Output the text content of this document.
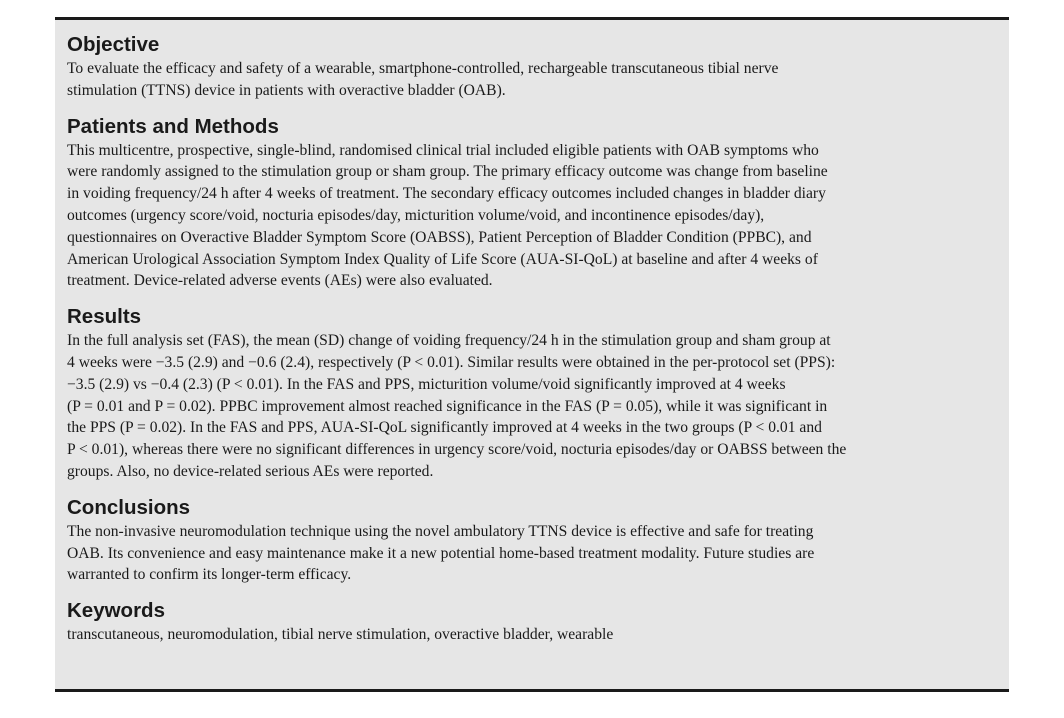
Objective
To evaluate the efficacy and safety of a wearable, smartphone-controlled, rechargeable transcutaneous tibial nerve
stimulation (TTNS) device in patients with overactive bladder (OAB).
Patients and Methods
This multicentre, prospective, single-blind, randomised clinical trial included eligible patients with OAB symptoms who
were randomly assigned to the stimulation group or sham group. The primary efficacy outcome was change from baseline
in voiding frequency/24 h after 4 weeks of treatment. The secondary efficacy outcomes included changes in bladder diary
outcomes (urgency score/void, nocturia episodes/day, micturition volume/void, and incontinence episodes/day),
questionnaires on Overactive Bladder Symptom Score (OABSS), Patient Perception of Bladder Condition (PPBC), and
American Urological Association Symptom Index Quality of Life Score (AUA-SI-QoL) at baseline and after 4 weeks of
treatment. Device-related adverse events (AEs) were also evaluated.
Results
In the full analysis set (FAS), the mean (SD) change of voiding frequency/24 h in the stimulation group and sham group at
4 weeks were −3.5 (2.9) and −0.6 (2.4), respectively (P < 0.01). Similar results were obtained in the per-protocol set (PPS):
−3.5 (2.9) vs −0.4 (2.3) (P < 0.01). In the FAS and PPS, micturition volume/void significantly improved at 4 weeks
(P = 0.01 and P = 0.02). PPBC improvement almost reached significance in the FAS (P = 0.05), while it was significant in
the PPS (P = 0.02). In the FAS and PPS, AUA-SI-QoL significantly improved at 4 weeks in the two groups (P < 0.01 and
P < 0.01), whereas there were no significant differences in urgency score/void, nocturia episodes/day or OABSS between the
groups. Also, no device-related serious AEs were reported.
Conclusions
The non-invasive neuromodulation technique using the novel ambulatory TTNS device is effective and safe for treating
OAB. Its convenience and easy maintenance make it a new potential home-based treatment modality. Future studies are
warranted to confirm its longer-term efficacy.
Keywords
transcutaneous, neuromodulation, tibial nerve stimulation, overactive bladder, wearable
